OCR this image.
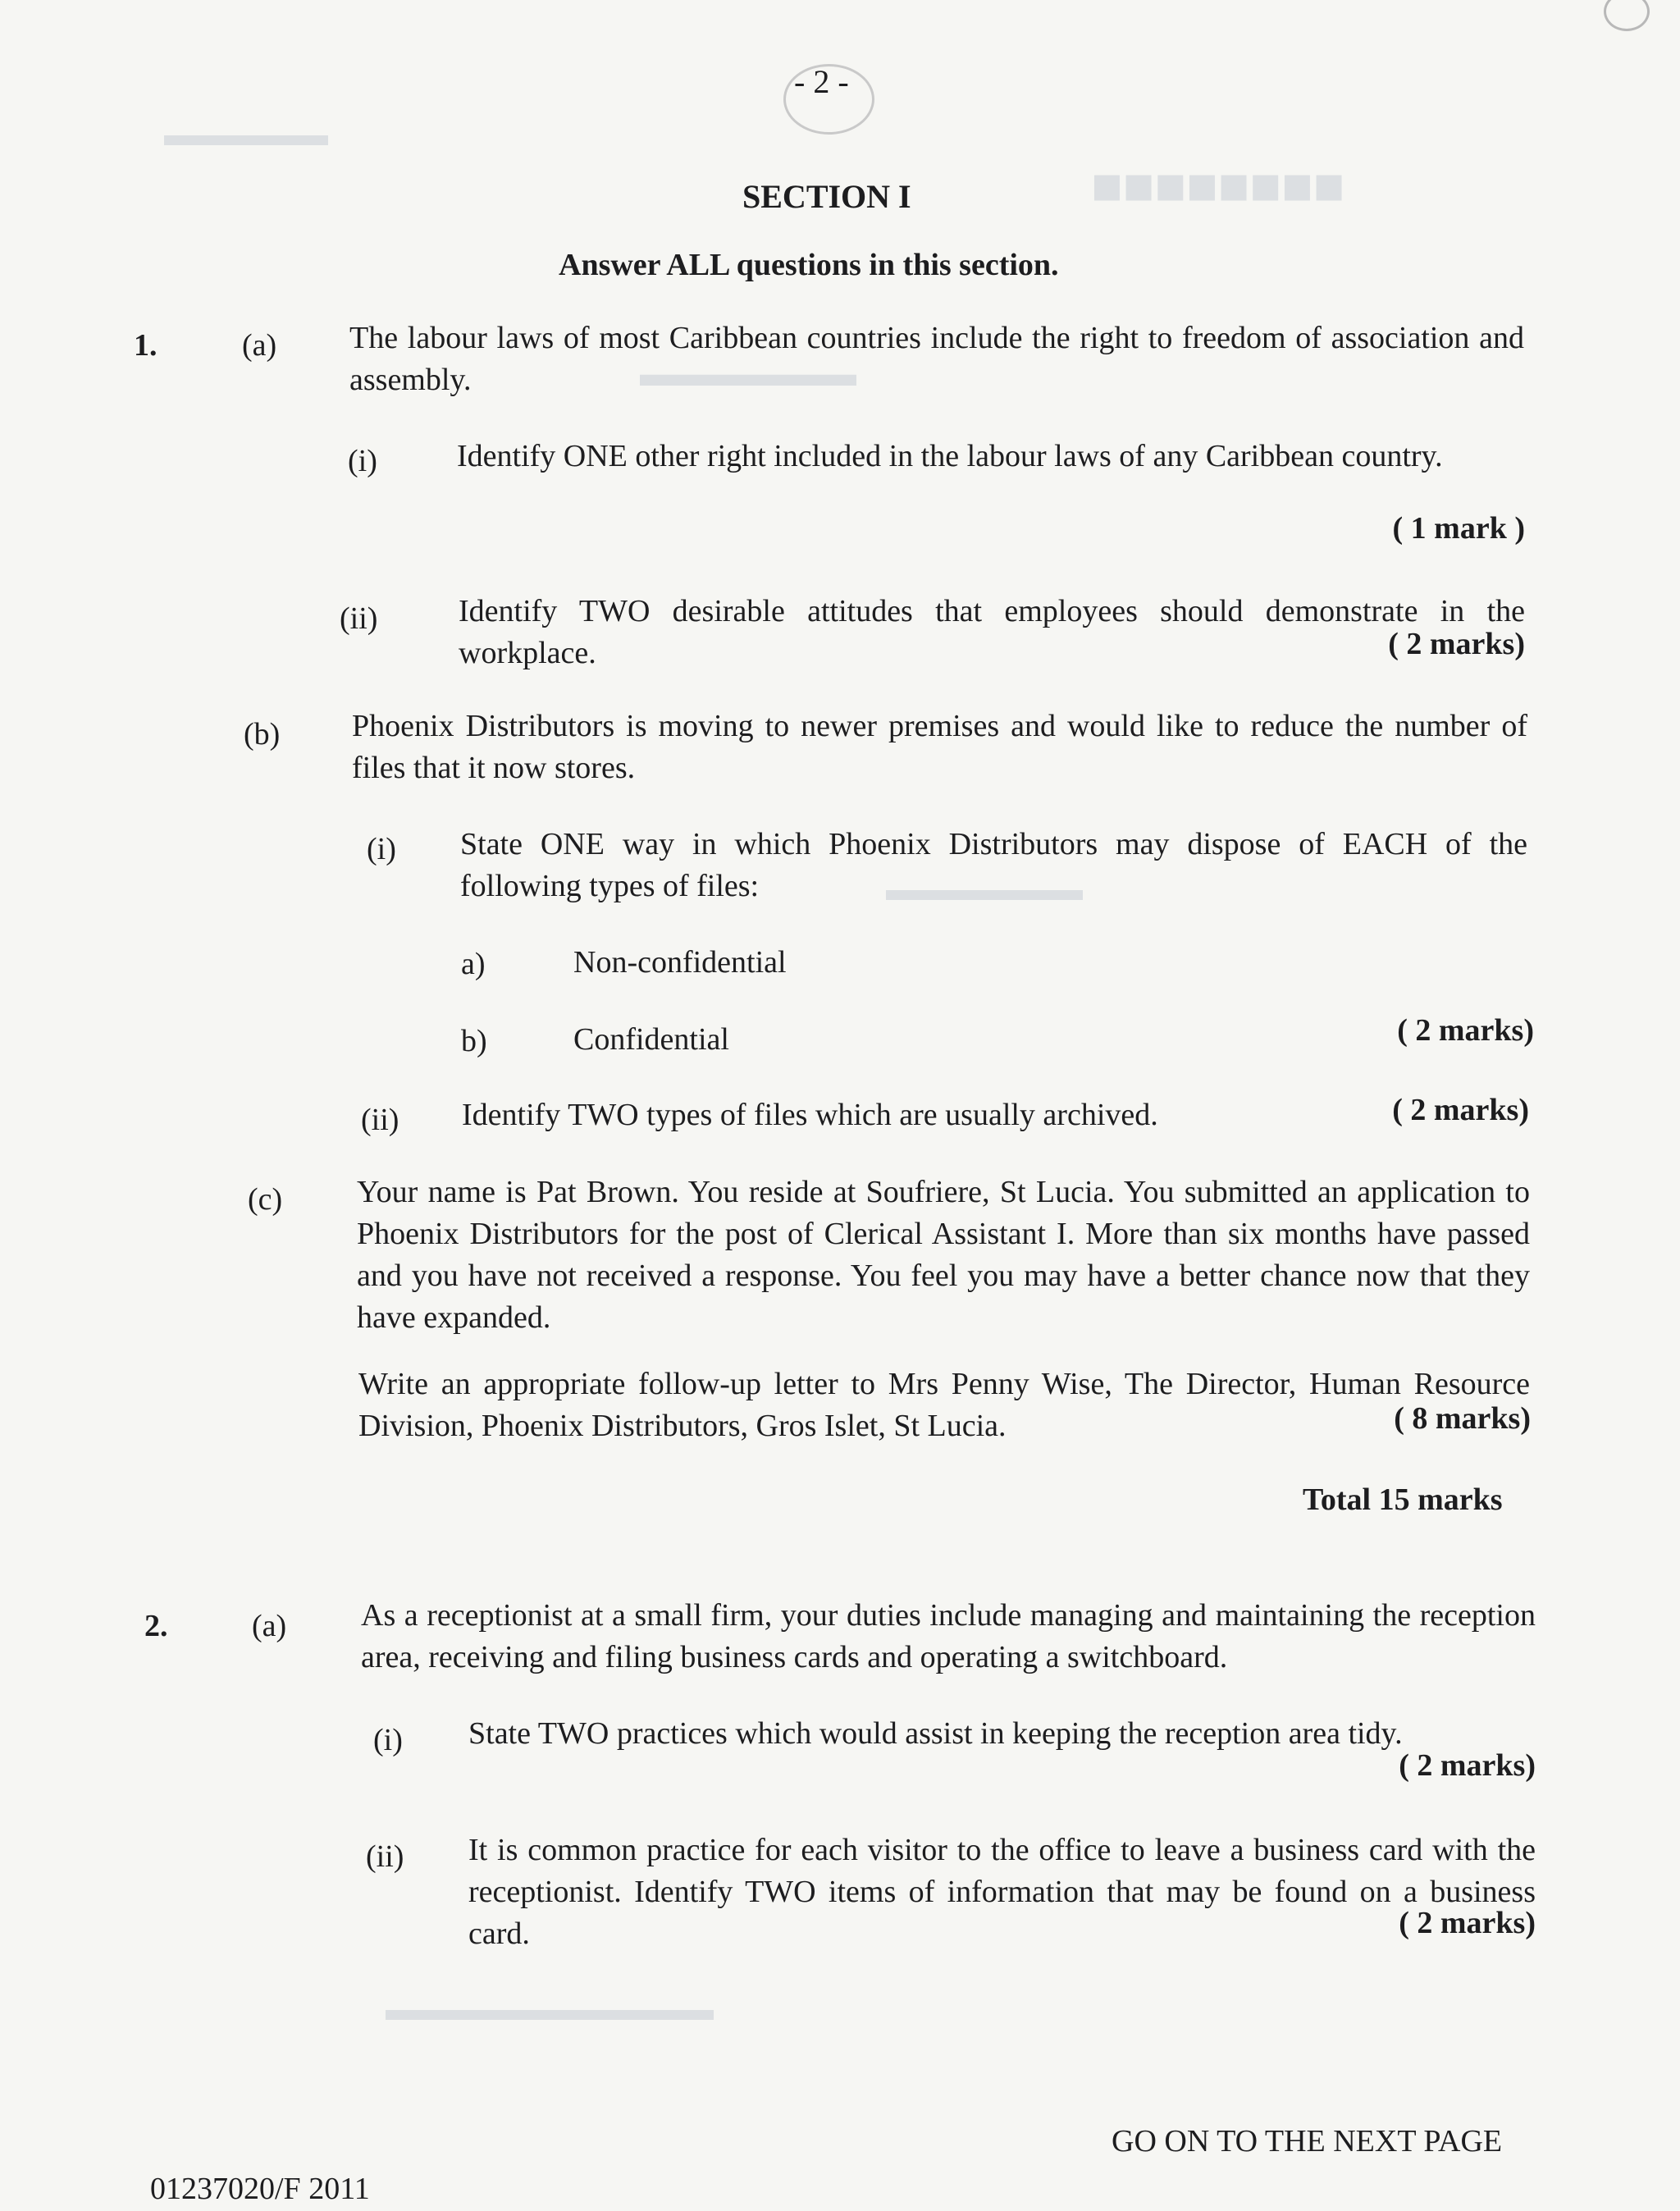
■■■■■■■■
▬▬▬▬▬
▬▬▬▬▬▬
▬▬▬▬▬▬
▬▬▬▬▬▬▬▬▬▬
- 2 -
SECTION I
Answer ALL questions in this section.
1.	(a) The labour laws of most Caribbean countries include the right to freedom of association and assembly.
(i)	Identify ONE other right included in the labour laws of any Caribbean country.
( 1 mark )
(ii)	Identify TWO desirable attitudes that employees should demonstrate in the workplace.	( 2 marks)
(b) Phoenix Distributors is moving to newer premises and would like to reduce the number of files that it now stores.
(i) State ONE way in which Phoenix Distributors may dispose of EACH of the following types of files:
a)	Non-confidential
b)	Confidential	( 2 marks)
(ii) Identify TWO types of files which are usually archived.	( 2 marks)
(c) Your name is Pat Brown. You reside at Soufriere, St Lucia. You submitted an application to Phoenix Distributors for the post of Clerical Assistant I. More than six months have passed and you have not received a response. You feel you may have a better chance now that they have expanded.
Write an appropriate follow-up letter to Mrs Penny Wise, The Director, Human Resource Division, Phoenix Distributors, Gros Islet, St Lucia.	( 8 marks)
Total 15 marks
2.	(a) As a receptionist at a small firm, your duties include managing and maintaining the reception area, receiving and filing business cards and operating a switchboard.
(i) State TWO practices which would assist in keeping the reception area tidy.
( 2 marks)
(ii) It is common practice for each visitor to the office to leave a business card with the receptionist. Identify TWO items of information that may be found on a business card.	( 2 marks)
GO ON TO THE NEXT PAGE
01237020/F 2011
